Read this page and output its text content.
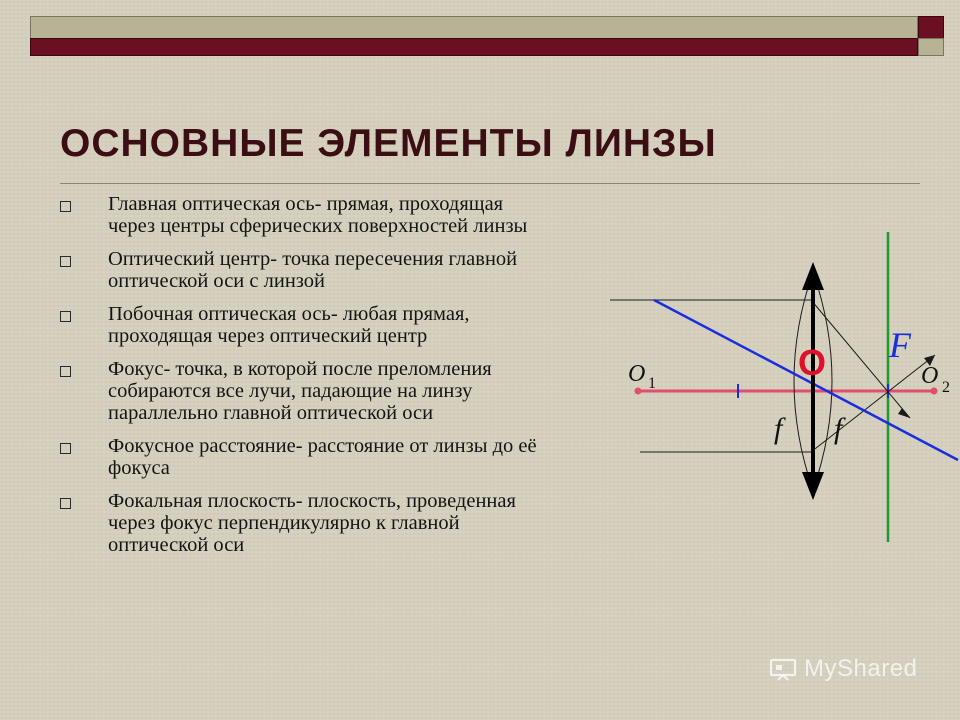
ОСНОВНЫЕ ЭЛЕМЕНТЫ ЛИНЗЫ
Главная оптическая ось- прямая, проходящая через центры сферических поверхностей линзы
Оптический центр- точка пересечения главной оптической оси с линзой
Побочная оптическая ось- любая прямая, проходящая через оптический центр
Фокус- точка, в которой после преломления собираются все лучи, падающие на линзу параллельно главной оптической оси
Фокусное расстояние- расстояние от линзы до её фокуса
Фокальная плоскость- плоскость, проведенная через фокус перпендикулярно к главной оптической оси
O 1	O 2
O F
f f
MyShared
